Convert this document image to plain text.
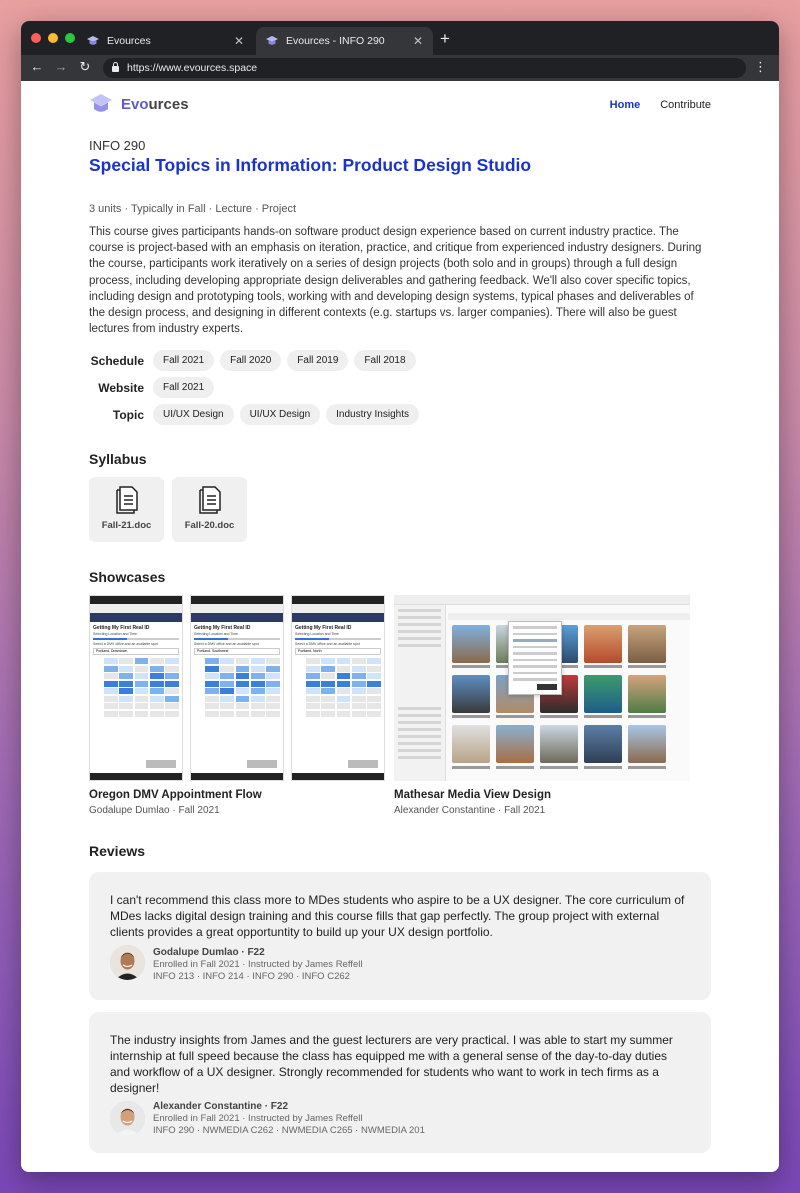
Evources	✕	Evources - INFO 290	✕ +
← → ↻	https://www.evources.space	⋮
Evources	Home Contribute
INFO 290
Special Topics in Information: Product Design Studio
3 units · Typically in Fall · Lecture · Project
This course gives participants hands-on software product design experience based on current industry practice. The course is project-based with an emphasis on iteration, practice, and critique from experienced industry designers. During the course, participants work iteratively on a series of design projects (both solo and in groups) through a full design process, including developing appropriate design deliverables and gathering feedback. We'll also cover specific topics, including design and prototyping tools, working with and developing design systems, typical phases and deliverables of the design process, and designing in different contexts (e.g. startups vs. larger companies). There will also be guest lectures from industry experts.
Schedule	Fall 2021	Fall 2020	Fall 2019	Fall 2018
Website	Fall 2021
Topic	UI/UX Design	UI/UX Design	Industry Insights
Syllabus
Fall-21.doc	Fall-20.doc
Showcases
Getting My First Real ID
Selecting Location and Time
Select a DMV office and an available spot
Portland, Downtown
Getting My First Real ID
Selecting Location and Time
Select a DMV office and an available spot
Portland, Southwest
Getting My First Real ID
Selecting Location and Time
Select a DMV office and an available spot
Portland, North
Oregon DMV Appointment Flow
Godalupe Dumlao · Fall 2021
Mathesar Media View Design
Alexander Constantine · Fall 2021
Reviews
I can't recommend this class more to MDes students who aspire to be a UX designer. The core curriculum of MDes lacks digital design training and this course fills that gap perfectly. The group project with external clients provides a great opportuntity to build up your UX design portfolio.
Godalupe Dumlao · F22
Enrolled in Fall 2021 · Instructed by James Reffell
INFO 213 · INFO 214 · INFO 290 · INFO C262
The industry insights from James and the guest lecturers are very practical. I was able to start my summer internship at full speed because the class has equipped me with a general sense of the day-to-day duties and workflow of a UX designer. Strongly recommended for students who want to work in tech firms as a designer!
Alexander Constantine · F22
Enrolled in Fall 2021 · Instructed by James Reffell
INFO 290 · NWMEDIA C262 · NWMEDIA C265 · NWMEDIA 201
